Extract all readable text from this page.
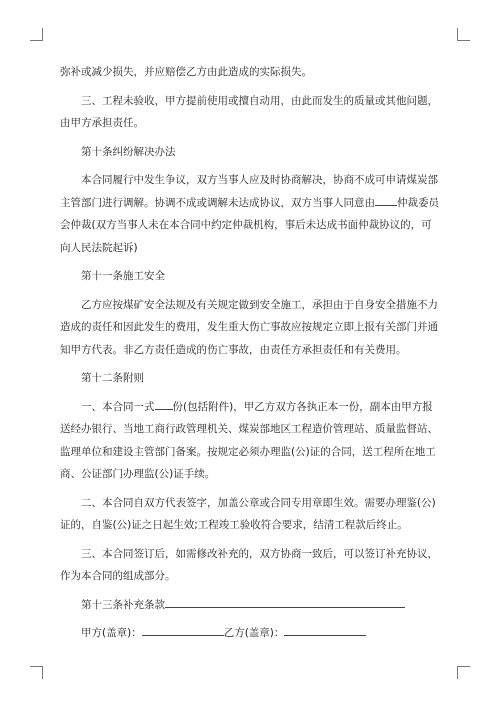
弥补或减少损失，并应赔偿乙方由此造成的实际损失。

三、工程未验收，甲方提前使用或擅自动用，由此而发生的质量或其他问题，由甲方承担责任。

第十条纠纷解决办法

本合同履行中发生争议，双方当事人应及时协商解决，协商不成可申请煤炭部主管部门进行调解。协调不成或调解未达成协议，双方当事人同意由 仲裁委员会仲裁(双方当事人未在本合同中约定仲裁机构，事后未达成书面仲裁协议的，可向人民法院起诉)

第十一条施工安全

乙方应按煤矿安全法规及有关规定做到安全施工，承担由于自身安全措施不力造成的责任和因此发生的费用，发生重大伤亡事故应按规定立即上报有关部门并通知甲方代表。非乙方责任造成的伤亡事故，由责任方承担责任和有关费用。

第十二条附则

一、本合同一式 份(包括附件)，甲乙方双方各执正本一份，副本由甲方报送经办银行、当地工商行政管理机关、煤炭部地区工程造价管理站、质量监督站、监理单位和建设主管部门备案。按规定必须办理监(公)证的合同，送工程所在地工商、公证部门办理监(公)证手续。

二、本合同自双方代表签字，加盖公章或合同专用章即生效。需要办理鉴(公)证的，自鉴(公)证之日起生效;工程竣工验收符合要求，结清工程款后终止。

三、本合同签订后，如需修改补充的，双方协商一致后，可以签订补充协议，作为本合同的组成部分。

第十三条补充条款

甲方(盖章)：	乙方(盖章)：
